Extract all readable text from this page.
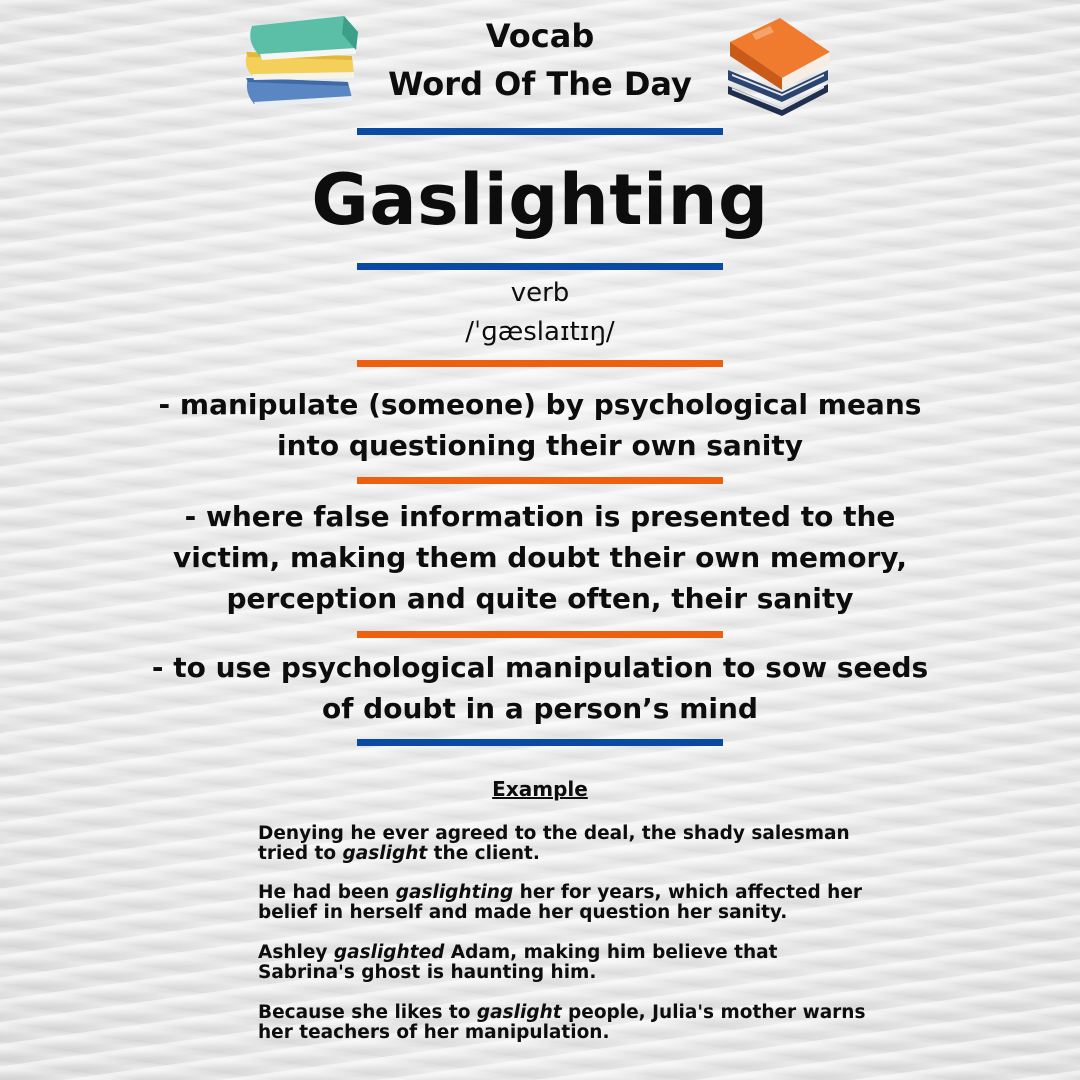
Vocab
Word Of The Day
Gaslighting
verb
/ˈɡæslaɪtɪŋ/
- manipulate (someone) by psychological means into questioning their own sanity
- where false information is presented to the victim, making them doubt their own memory, perception and quite often, their sanity
- to use psychological manipulation to sow seeds of doubt in a person’s mind
Example
Denying he ever agreed to the deal, the shady salesman tried to gaslight the client.
He had been gaslighting her for years, which affected her belief in herself and made her question her sanity.
Ashley gaslighted Adam, making him believe that Sabrina's ghost is haunting him.
Because she likes to gaslight people, Julia's mother warns her teachers of her manipulation.
